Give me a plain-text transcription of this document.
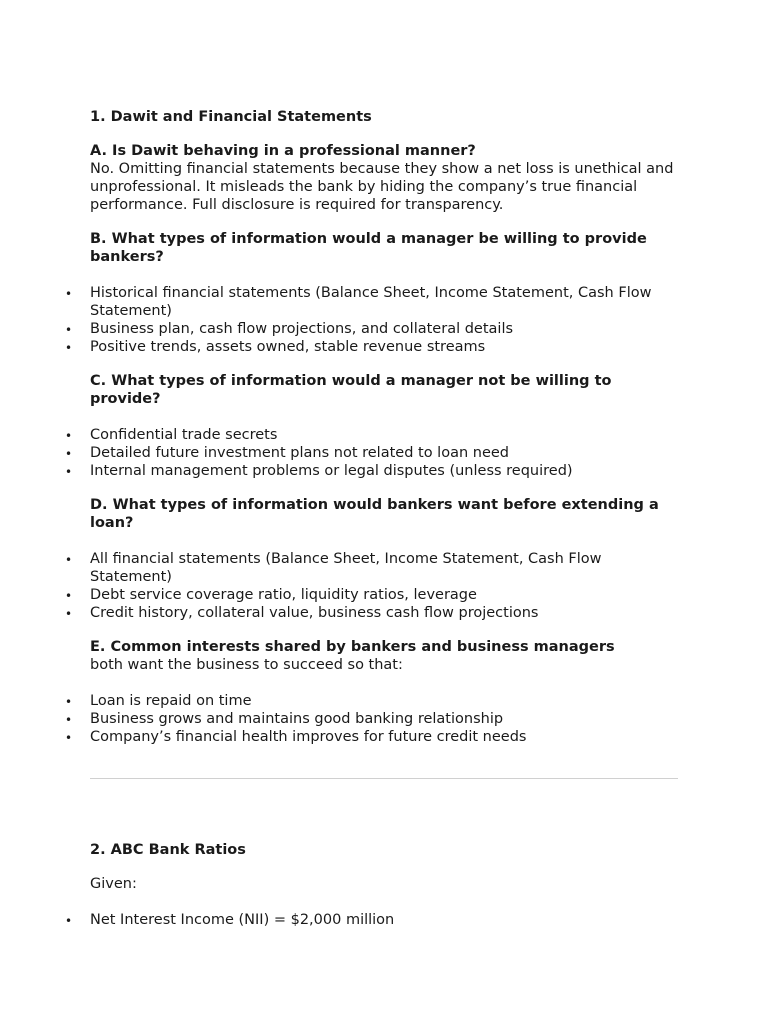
1. Dawit and Financial Statements

A. Is Dawit behaving in a professional manner?

No. Omitting financial statements because they show a net loss is unethical and unprofessional. It misleads the bank by hiding the company’s true financial performance. Full disclosure is required for transparency.

B. What types of information would a manager be willing to provide bankers?

• Historical financial statements (Balance Sheet, Income Statement, Cash Flow Statement)
• Business plan, cash flow projections, and collateral details
• Positive trends, assets owned, stable revenue streams

C. What types of information would a manager not be willing to provide?

• Confidential trade secrets
• Detailed future investment plans not related to loan need
• Internal management problems or legal disputes (unless required)

D. What types of information would bankers want before extending a loan?

• All financial statements (Balance Sheet, Income Statement, Cash Flow Statement)
• Debt service coverage ratio, liquidity ratios, leverage
• Credit history, collateral value, business cash flow projections

E. Common interests shared by bankers and business managers

both want the business to succeed so that:

• Loan is repaid on time
• Business grows and maintains good banking relationship
• Company’s financial health improves for future credit needs

2. ABC Bank Ratios

Given:

• Net Interest Income (NII) = $2,000 million
